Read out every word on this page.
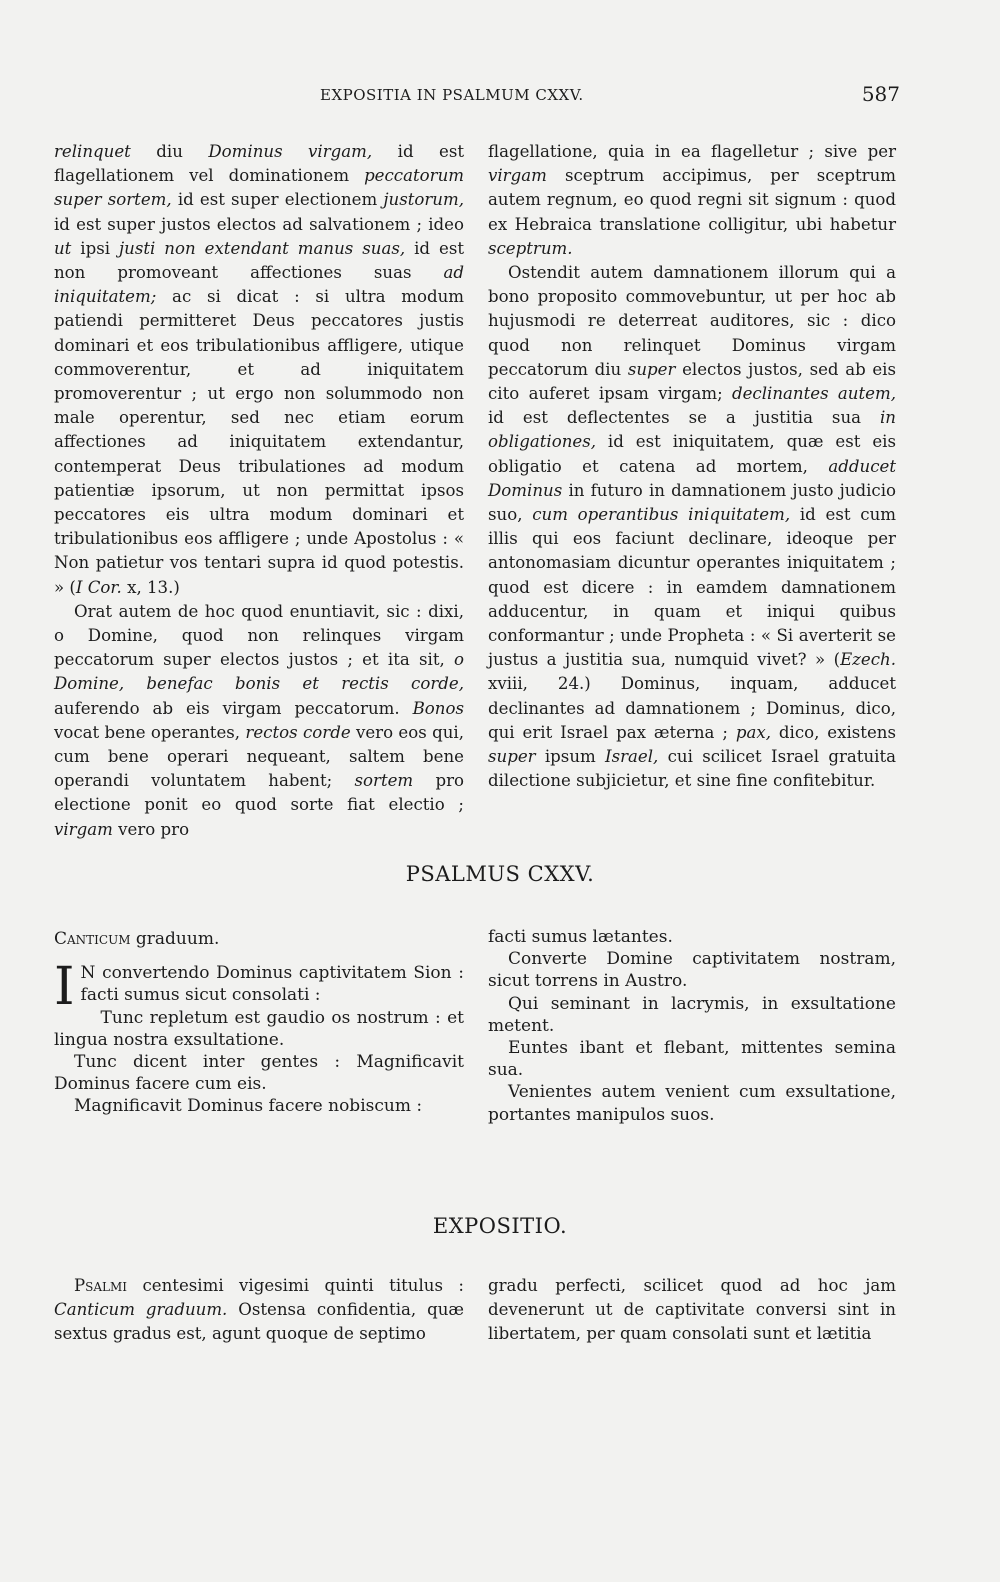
EXPOSITIA IN PSALMUM CXXV.	587

relinquet diu Dominus virgam, id est flagellationem vel dominationem peccatorum super sortem, id est super electionem justorum, id est super justos electos ad salvationem ; ideo ut ipsi justi non extendant manus suas, id est non promoveant affectiones suas ad iniquitatem; ac si dicat : si ultra modum patiendi permitteret Deus peccatores justis dominari et eos tribulationibus affligere, utique commoverentur, et ad iniquitatem promoverentur ; ut ergo non solummodo non male operentur, sed nec etiam eorum affectiones ad iniquitatem extendantur, contemperat Deus tribulationes ad modum patientiæ ipsorum, ut non permittat ipsos peccatores eis ultra modum dominari et tribulationibus eos affligere ; unde Apostolus : « Non patietur vos tentari supra id quod potestis. » (I Cor. x, 13.)

Orat autem de hoc quod enuntiavit, sic : dixi, o Domine, quod non relinques virgam peccatorum super electos justos ; et ita sit, o Domine, benefac bonis et rectis corde, auferendo ab eis virgam peccatorum. Bonos vocat bene operantes, rectos corde vero eos qui, cum bene operari nequeant, saltem bene operandi voluntatem habent; sortem pro electione ponit eo quod sorte fiat electio ; virgam vero pro

flagellatione, quia in ea flagelletur ; sive per virgam sceptrum accipimus, per sceptrum autem regnum, eo quod regni sit signum : quod ex Hebraica translatione colligitur, ubi habetur sceptrum.

Ostendit autem damnationem illorum qui a bono proposito commovebuntur, ut per hoc ab hujusmodi re deterreat auditores, sic : dico quod non relinquet Dominus virgam peccatorum diu super electos justos, sed ab eis cito auferet ipsam virgam; declinantes autem, id est deflectentes se a justitia sua in obligationes, id est iniquitatem, quæ est eis obligatio et catena ad mortem, adducet Dominus in futuro in damnationem justo judicio suo, cum operantibus iniquitatem, id est cum illis qui eos faciunt declinare, ideoque per antonomasiam dicuntur operantes iniquitatem ; quod est dicere : in eamdem damnationem adducentur, in quam et iniqui quibus conformantur ; unde Propheta : « Si averterit se justus a justitia sua, numquid vivet? » (Ezech. xviii, 24.) Dominus, inquam, adducet declinantes ad damnationem ; Dominus, dico, qui erit Israel pax æterna ; pax, dico, existens super ipsum Israel, cui scilicet Israel gratuita dilectione subjicietur, et sine fine confitebitur.

PSALMUS CXXV.

Canticum graduum.

I N convertendo Dominus captivitatem Sion : facti sumus sicut consolati :

Tunc repletum est gaudio os nostrum : et lingua nostra exsultatione.

Tunc dicent inter gentes : Magnificavit Dominus facere cum eis.

Magnificavit Dominus facere nobiscum :

facti sumus lætantes.

Converte Domine captivitatem nostram, sicut torrens in Austro.

Qui seminant in lacrymis, in exsultatione metent.

Euntes ibant et flebant, mittentes semina sua.

Venientes autem venient cum exsultatione, portantes manipulos suos.

EXPOSITIO.

Psalmi centesimi vigesimi quinti titulus : Canticum graduum. Ostensa confidentia, quæ sextus gradus est, agunt quoque de septimo

gradu perfecti, scilicet quod ad hoc jam devenerunt ut de captivitate conversi sint in libertatem, per quam consolati sunt et lætitia
